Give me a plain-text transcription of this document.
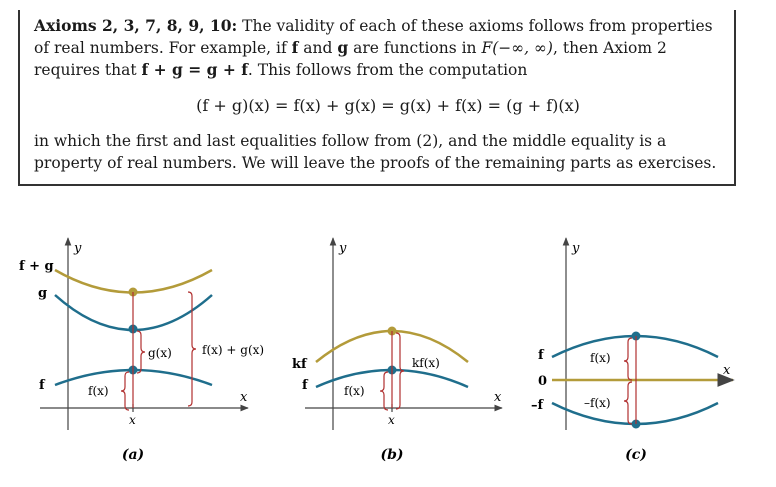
Axioms 2, 3, 7, 8, 9, 10: The validity of each of these axioms follows from properties of real numbers. For example, if f and g are functions in F(−∞, ∞), then Axiom 2 requires that f + g = g + f. This follows from the computation
(f + g)(x) = f(x) + g(x) = g(x) + f(x) = (g + f)(x)
in which the first and last equalities follow from (2), and the middle equality is a property of real numbers. We will leave the proofs of the remaining parts as exercises.
x
y
x
f(x)
g(x)	f(x) + g(x)
f + g
g
f
(a)
x
y
x
f(x)
kf(x)
kf
f
(b)
x
y
f(x)
–f(x)
f
0
–f
(c)
